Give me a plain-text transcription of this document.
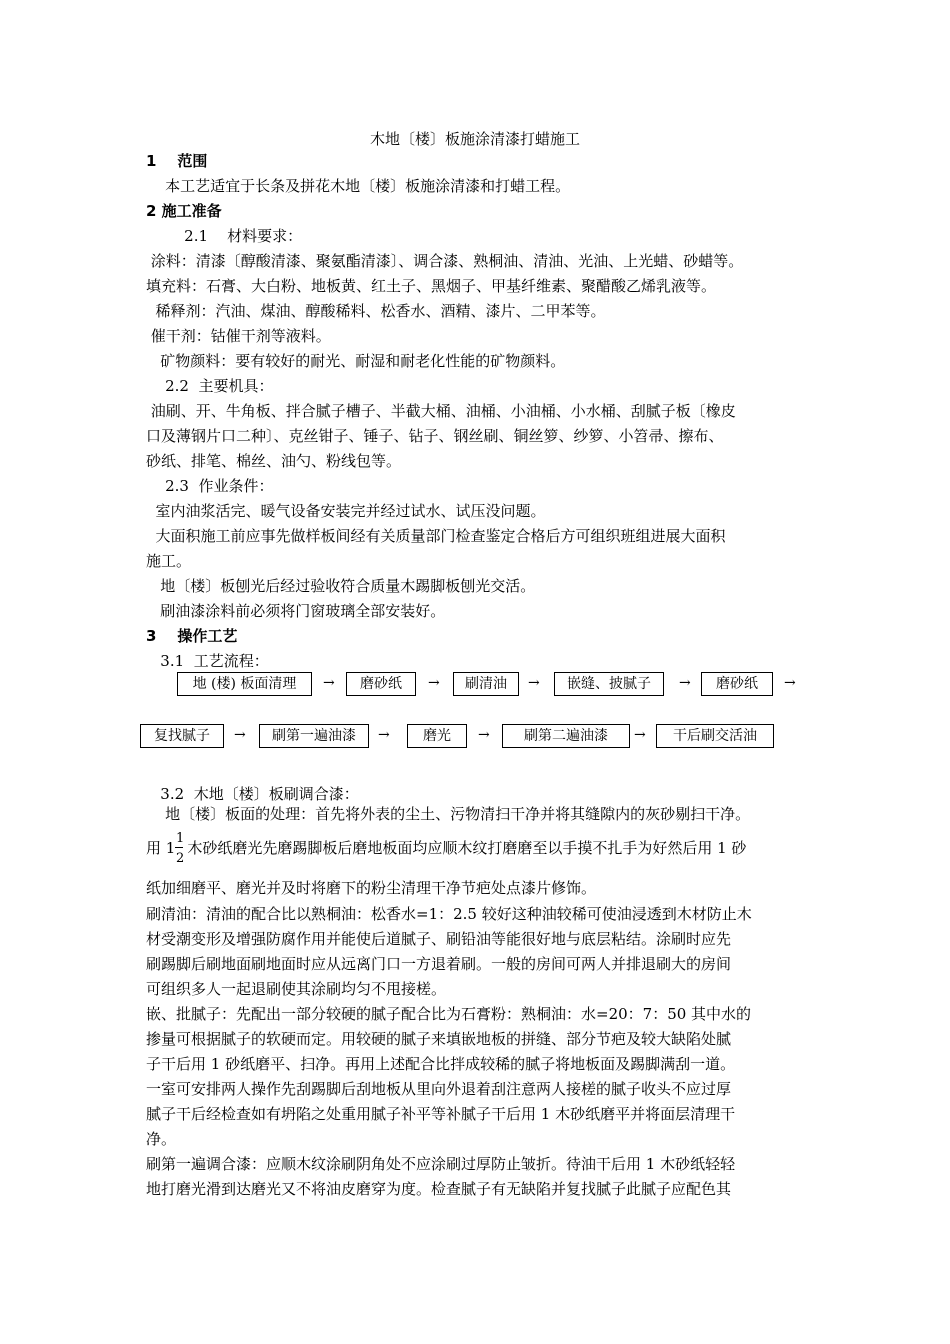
木地〔楼〕板施涂清漆打蜡施工
1    范围
本工艺适宜于长条及拼花木地〔楼〕板施涂清漆和打蜡工程。
2 施工准备
2.1    材料要求：
涂料：清漆〔醇酸清漆、聚氨酯清漆〕、调合漆、熟桐油、清油、光油、上光蜡、砂蜡等。
填充料：石膏、大白粉、地板黄、红土子、黑烟子、甲基纤维素、聚醋酸乙烯乳液等。
稀释剂：汽油、煤油、醇酸稀料、松香水、酒精、漆片、二甲苯等。
催干剂：钴催干剂等液料。
矿物颜料：要有较好的耐光、耐湿和耐老化性能的矿物颜料。
2.2  主要机具：
油刷、开、牛角板、拌合腻子槽子、半截大桶、油桶、小油桶、小水桶、刮腻子板〔橡皮
口及薄钢片口二种〕、克丝钳子、锤子、钻子、钢丝刷、铜丝箩、纱箩、小笤帚、擦布、
砂纸、排笔、棉丝、油勺、粉线包等。
2.3  作业条件：
室内油浆活完、暖气设备安装完并经过试水、试压没问题。
大面积施工前应事先做样板间经有关质量部门检查鉴定合格后方可组织班组进展大面积
施工。
地〔楼〕板刨光后经过验收符合质量木踢脚板刨光交活。
刷油漆涂料前必须将门窗玻璃全部安装好。
3    操作工艺
3.1  工艺流程：
3.2  木地〔楼〕板刷调合漆：
地〔楼〕板面的处理：首先将外表的尘土、污物清扫干净并将其缝隙内的灰砂剔扫干净。
纸加细磨平、磨光并及时将磨下的粉尘清理干净节疤处点漆片修饰。
刷清油：清油的配合比以熟桐油：松香水=1：2.5 较好这种油较稀可使油浸透到木材防止木
材受潮变形及增强防腐作用并能使后道腻子、刷铅油等能很好地与底层粘结。涂刷时应先
刷踢脚后刷地面刷地面时应从远离门口一方退着刷。一般的房间可两人并排退刷大的房间
可组织多人一起退刷使其涂刷均匀不甩接槎。
嵌、批腻子：先配出一部分较硬的腻子配合比为石膏粉：熟桐油：水=20：7：50 其中水的
掺量可根据腻子的软硬而定。用较硬的腻子来填嵌地板的拼缝、部分节疤及较大缺陷处腻
子干后用 1 砂纸磨平、扫净。再用上述配合比拌成较稀的腻子将地板面及踢脚满刮一道。
一室可安排两人操作先刮踢脚后刮地板从里向外退着刮注意两人接槎的腻子收头不应过厚
腻子干后经检查如有坍陷之处重用腻子补平等补腻子干后用 1 木砂纸磨平并将面层清理干
净。
刷第一遍调合漆：应顺木纹涂刷阴角处不应涂刷过厚防止皱折。待油干后用 1 木砂纸轻轻
地打磨光滑到达磨光又不将油皮磨穿为度。检查腻子有无缺陷并复找腻子此腻子应配色其
用 1 木砂纸磨光先磨踢脚板后磨地板面均应顺木纹打磨磨至以手摸不扎手为好然后用 1 砂
1
2
地 (楼) 板面清理	磨砂纸	刷清油	嵌缝、披腻子	磨砂纸
复找腻子	刷第一遍油漆	磨光	刷第二遍油漆	干后刷交活油
→	→	→	→	→
→	→	→	→
